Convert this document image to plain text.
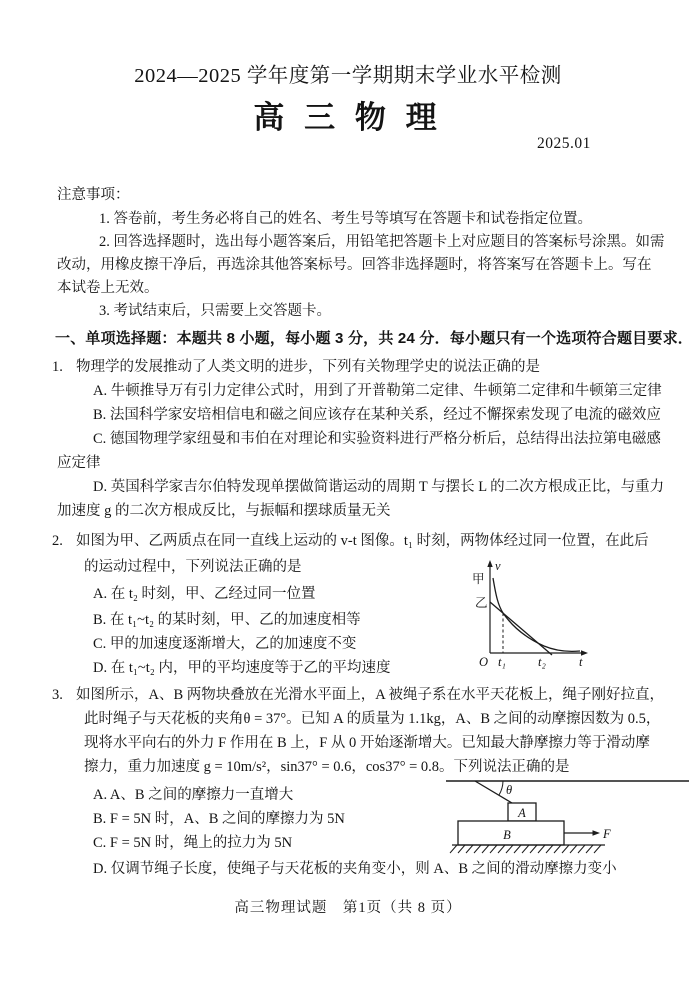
2024—2025 学年度第一学期期末学业水平检测
高 三 物 理
2025.01
注意事项：
1. 答卷前，考生务必将自己的姓名、考生号等填写在答题卡和试卷指定位置。
2. 回答选择题时，选出每小题答案后，用铅笔把答题卡上对应题目的答案标号涂黑。如需
改动，用橡皮擦干净后，再选涂其他答案标号。回答非选择题时，将答案写在答题卡上。写在
本试卷上无效。
3. 考试结束后，只需要上交答题卡。
一、单项选择题：本题共 8 小题，每小题 3 分，共 24 分．每小题只有一个选项符合题目要求．
1. 物理学的发展推动了人类文明的进步，下列有关物理学史的说法正确的是
A. 牛顿推导万有引力定律公式时，用到了开普勒第二定律、牛顿第二定律和牛顿第三定律
B. 法国科学家安培相信电和磁之间应该存在某种关系，经过不懈探索发现了电流的磁效应
C. 德国物理学家纽曼和韦伯在对理论和实验资料进行严格分析后，总结得出法拉第电磁感
应定律
D. 英国科学家吉尔伯特发现单摆做简谐运动的周期 T 与摆长 L 的二次方根成正比，与重力
加速度 g 的二次方根成反比，与振幅和摆球质量无关
2. 如图为甲、乙两质点在同一直线上运动的 v-t 图像。t₁ 时刻，两物体经过同一位置，在此后
的运动过程中，下列说法正确的是
A. 在 t₂ 时刻，甲、乙经过同一位置
B. 在 t₁~t₂ 的某时刻，甲、乙的加速度相等
C. 甲的加速度逐渐增大，乙的加速度不变
D. 在 t₁~t₂ 内，甲的平均速度等于乙的平均速度
v
甲
乙
O t₁	t₂	t
3. 如图所示，A、B 两物块叠放在光滑水平面上，A 被绳子系在水平天花板上，绳子刚好拉直，
此时绳子与天花板的夹角θ = 37°。已知 A 的质量为 1.1kg，A、B 之间的动摩擦因数为 0.5，
现将水平向右的外力 F 作用在 B 上，F 从 0 开始逐渐增大。已知最大静摩擦力等于滑动摩
擦力，重力加速度 g = 10m/s²，sin37° = 0.6，cos37° = 0.8。下列说法正确的是
A. A、B 之间的摩擦力一直增大
B. F = 5N 时，A、B 之间的摩擦力为 5N
C. F = 5N 时，绳上的拉力为 5N
D. 仅调节绳子长度，使绳子与天花板的夹角变小，则 A、B 之间的滑动摩擦力变小
θ
A
B	F
高三物理试题　第1页（共 8 页）
